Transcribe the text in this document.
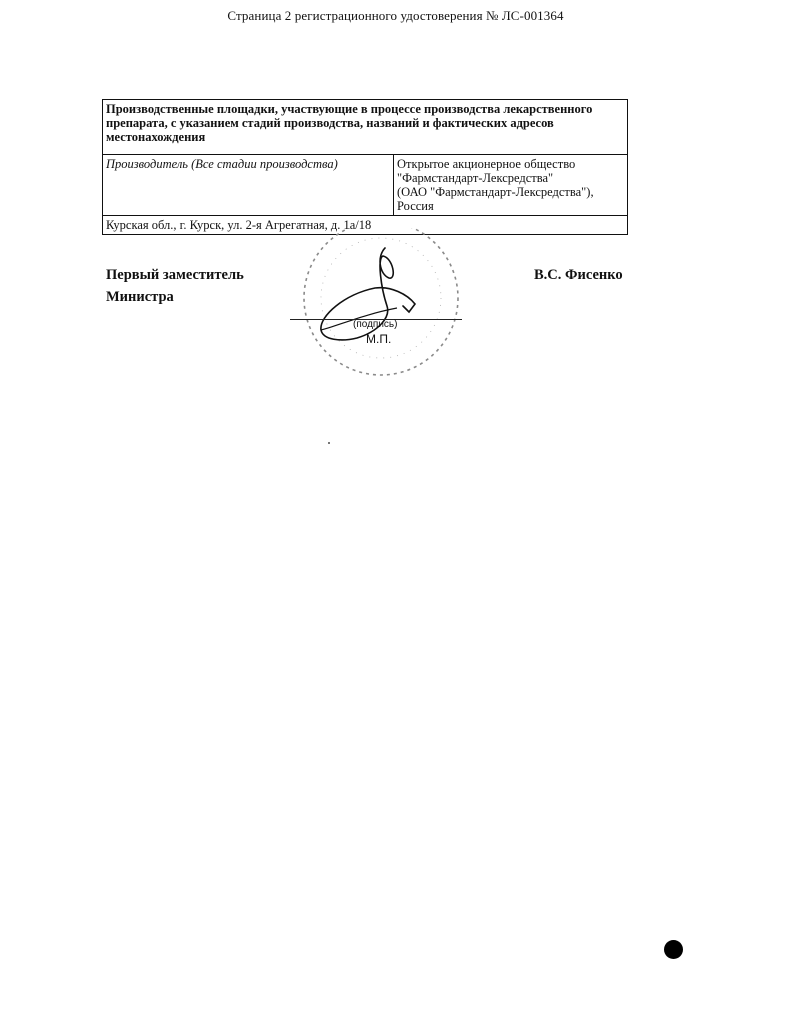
Страница 2 регистрационного удостоверения № ЛС-001364
Производственные площадки, участвующие в процессе производства лекарственного препарата, с указанием стадий производства, названий и фактических адресов местонахождения
Производитель (Все стадии производства)	Открытое акционерное общество
"Фармстандарт-Лексредства"
(ОАО "Фармстандарт-Лексредства"),
Россия

Курская обл., г. Курск, ул. 2-я Агрегатная, д. 1а/18
Первый заместитель
Министра
(подпись)
М.П.
В.С. Фисенко
